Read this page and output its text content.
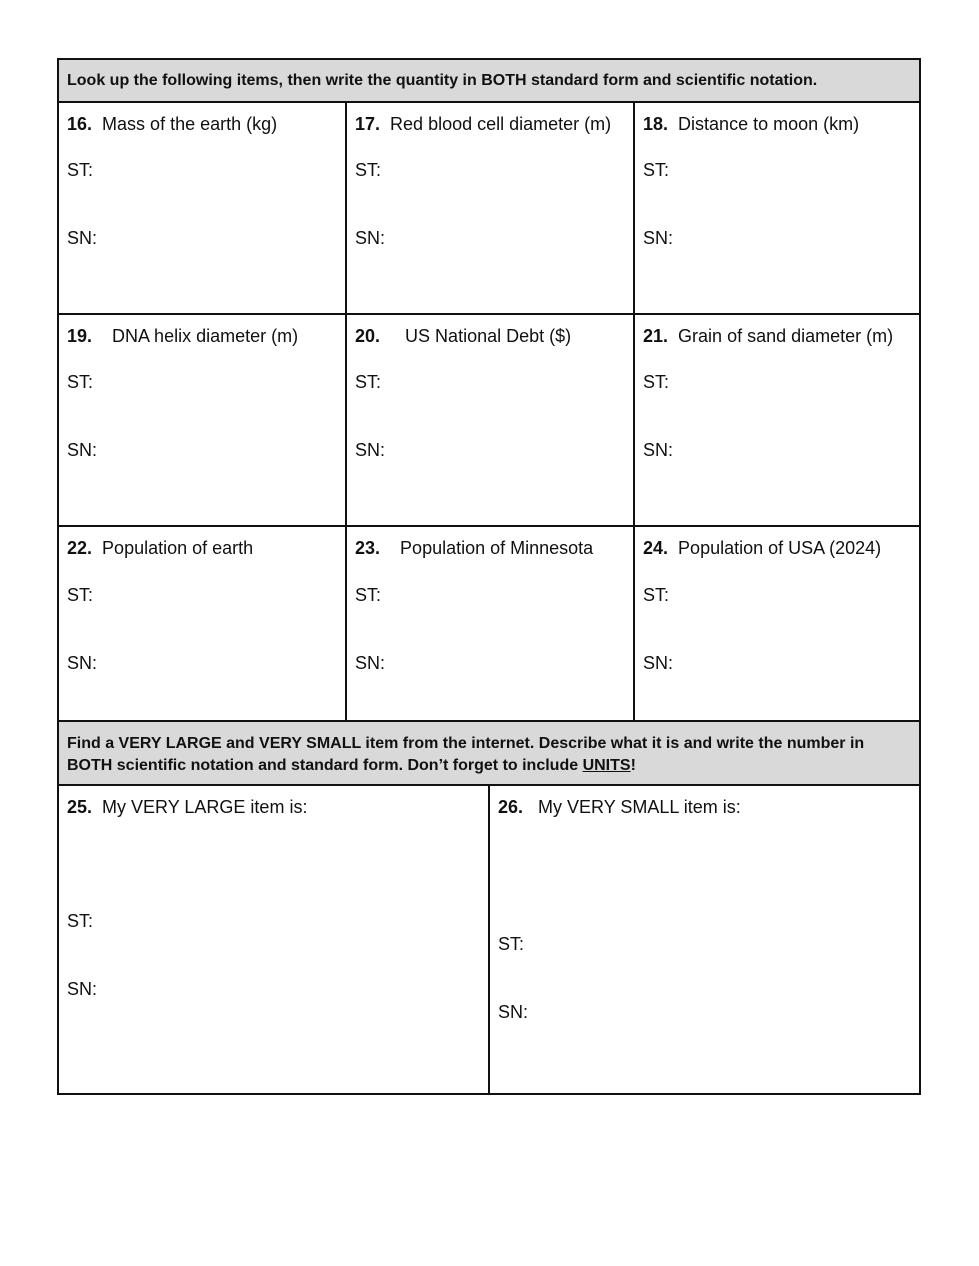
Look up the following items, then write the quantity in BOTH standard form and scientific notation.
16. Mass of the earth (kg)
ST:
SN:
17. Red blood cell diameter (m)
ST:
SN:
18. Distance to moon (km)
ST:
SN:
19. DNA helix diameter (m)
ST:
SN:
20. US National Debt ($)
ST:
SN:
21. Grain of sand diameter (m)
ST:
SN:
22. Population of earth
ST:
SN:
23. Population of Minnesota
ST:
SN:
24. Population of USA (2024)
ST:
SN:
Find a VERY LARGE and VERY SMALL item from the internet. Describe what it is and write the number in BOTH scientific notation and standard form. Don’t forget to include UNITS!
25. My VERY LARGE item is:
ST:
SN:
26. My VERY SMALL item is:
ST:
SN:
